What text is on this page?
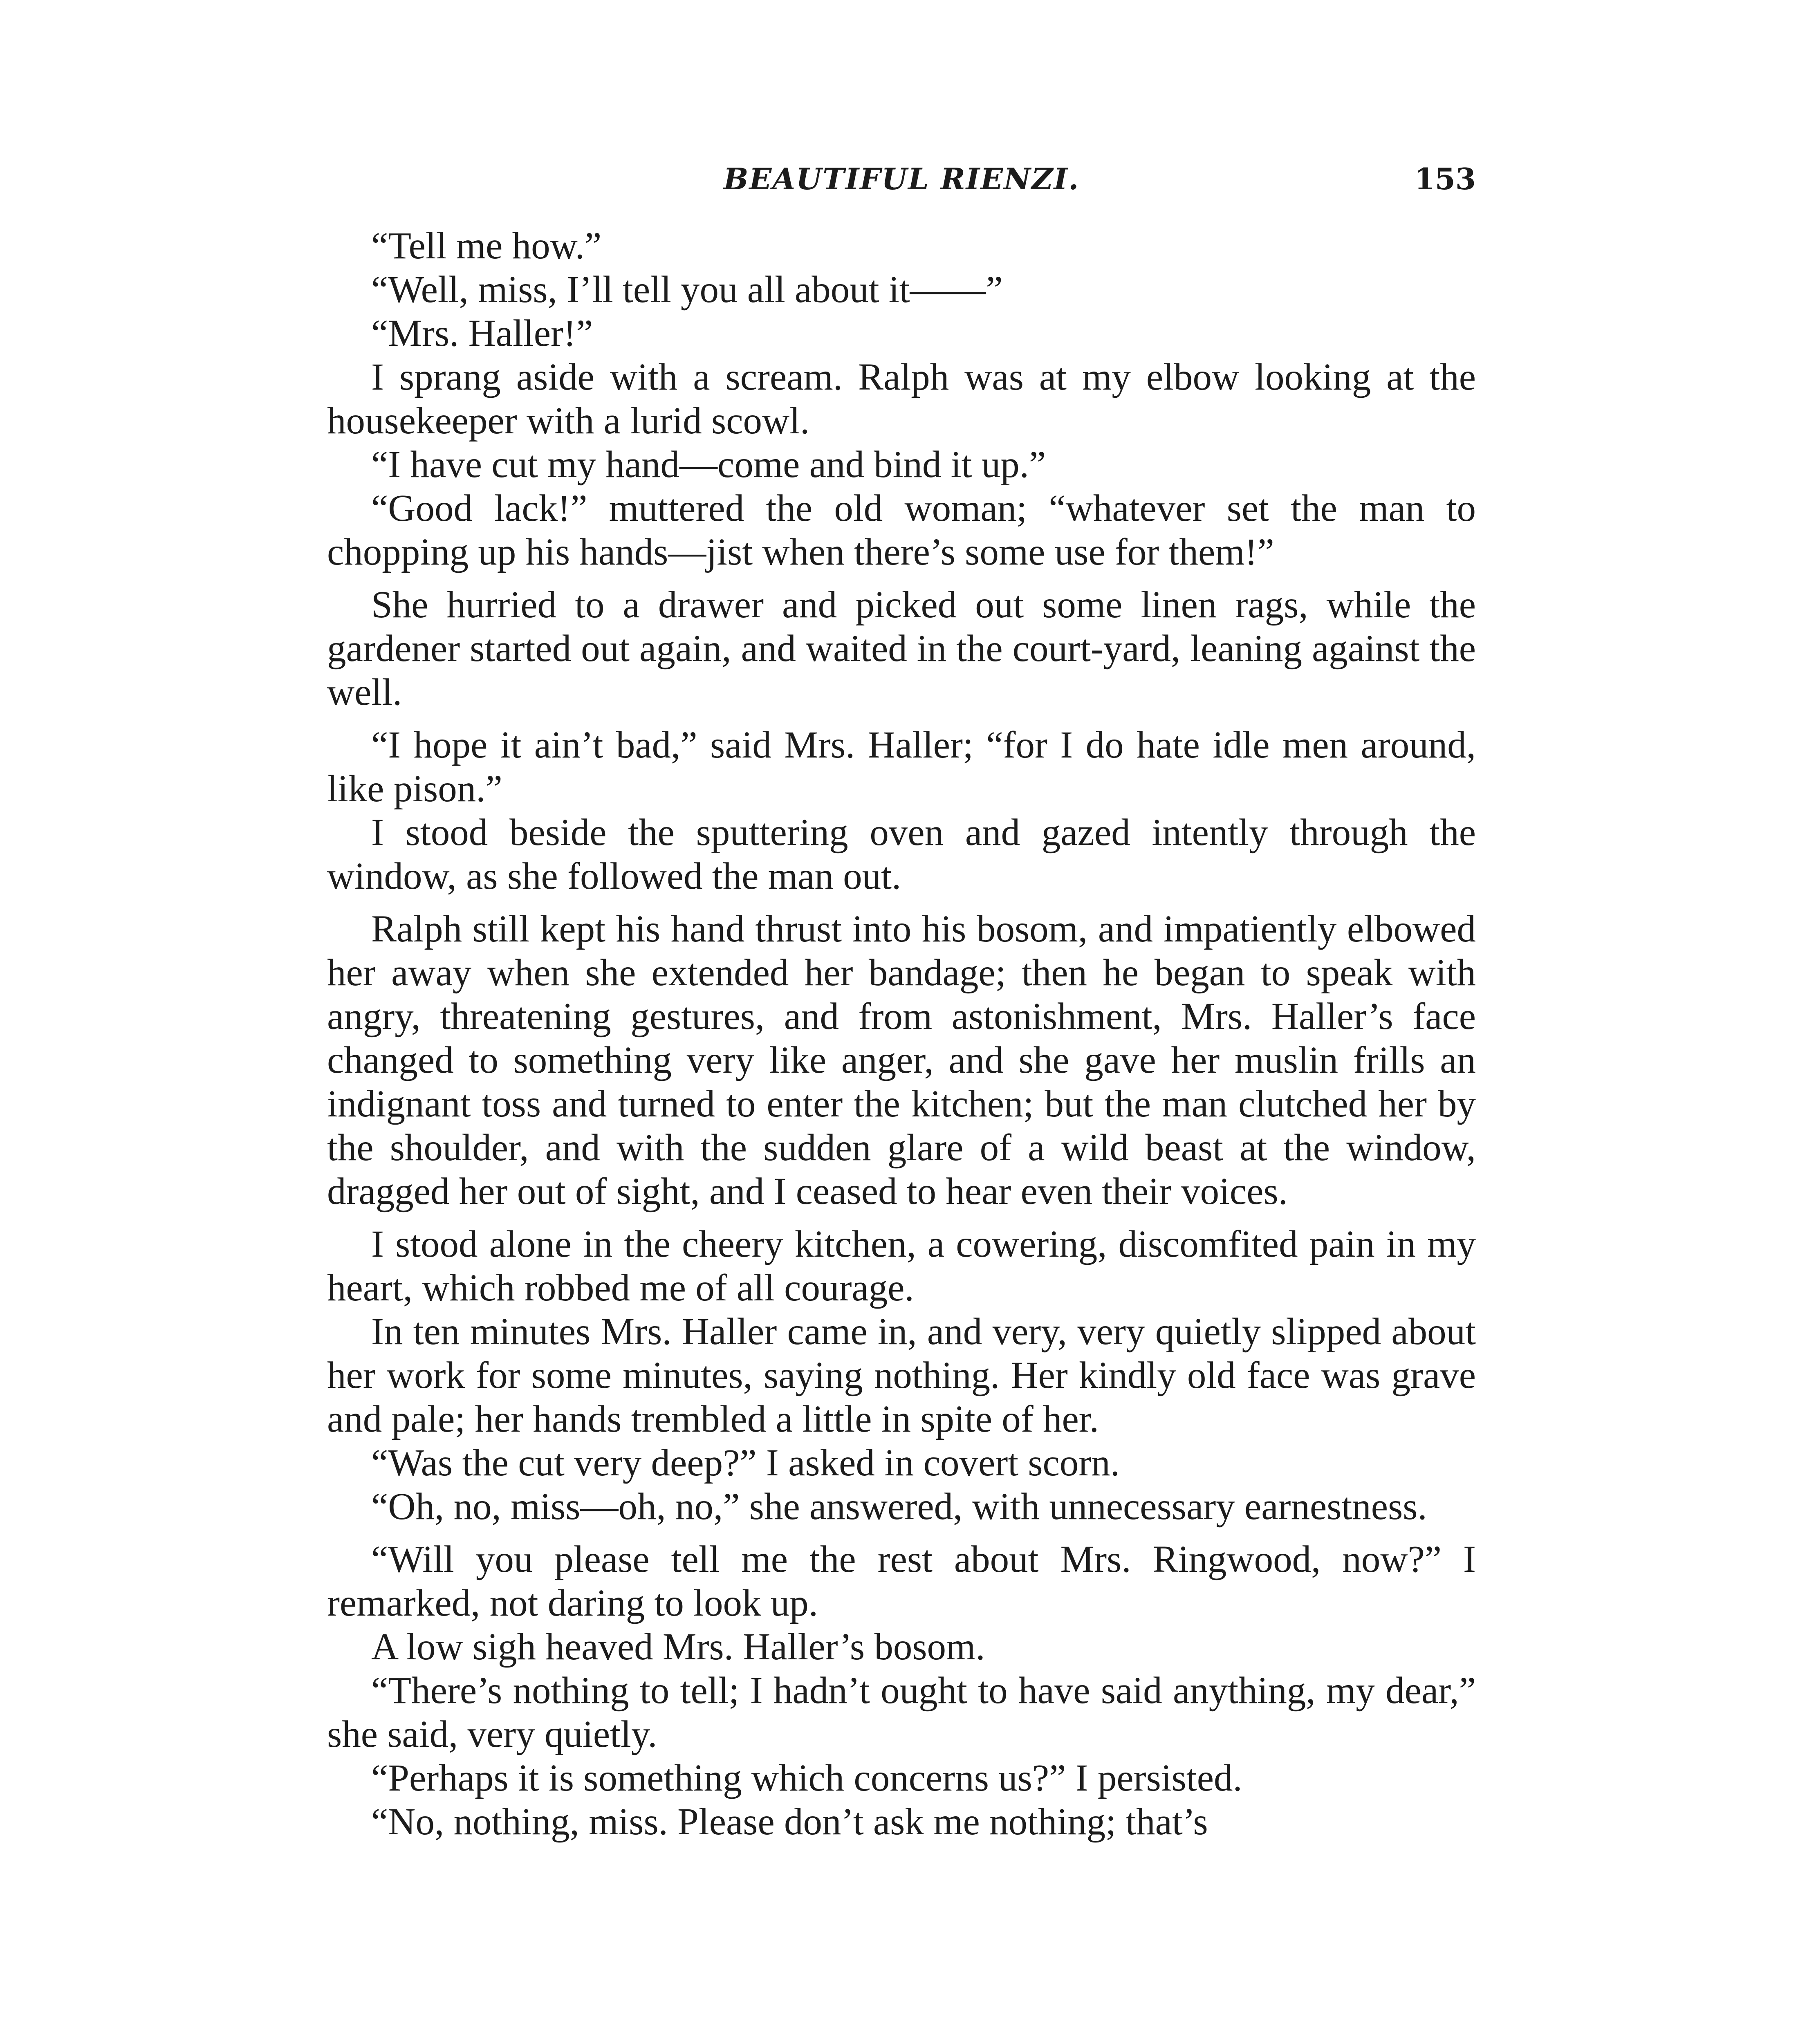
BEAUTIFUL RIENZI.	153

“Tell me how.”

“Well, miss, I’ll tell you all about it——”

“Mrs. Haller!”

I sprang aside with a scream. Ralph was at my elbow looking at the housekeeper with a lurid scowl.

“I have cut my hand—come and bind it up.”

“Good lack!” muttered the old woman; “whatever set the man to chopping up his hands—jist when there’s some use for them!”

She hurried to a drawer and picked out some linen rags, while the gardener started out again, and waited in the court-yard, leaning against the well.

“I hope it ain’t bad,” said Mrs. Haller; “for I do hate idle men around, like pison.”

I stood beside the sputtering oven and gazed intently through the window, as she followed the man out.

Ralph still kept his hand thrust into his bosom, and impatiently elbowed her away when she extended her bandage; then he began to speak with angry, threatening gestures, and from astonishment, Mrs. Haller’s face changed to something very like anger, and she gave her muslin frills an indignant toss and turned to enter the kitchen; but the man clutched her by the shoulder, and with the sudden glare of a wild beast at the window, dragged her out of sight, and I ceased to hear even their voices.

I stood alone in the cheery kitchen, a cowering, discomfited pain in my heart, which robbed me of all courage.

In ten minutes Mrs. Haller came in, and very, very quietly slipped about her work for some minutes, saying nothing. Her kindly old face was grave and pale; her hands trembled a little in spite of her.

“Was the cut very deep?” I asked in covert scorn.

“Oh, no, miss—oh, no,” she answered, with unnecessary earnestness.

“Will you please tell me the rest about Mrs. Ringwood, now?” I remarked, not daring to look up.

A low sigh heaved Mrs. Haller’s bosom.

“There’s nothing to tell; I hadn’t ought to have said anything, my dear,” she said, very quietly.

“Perhaps it is something which concerns us?” I persisted.

“No, nothing, miss. Please don’t ask me nothing; that’s
